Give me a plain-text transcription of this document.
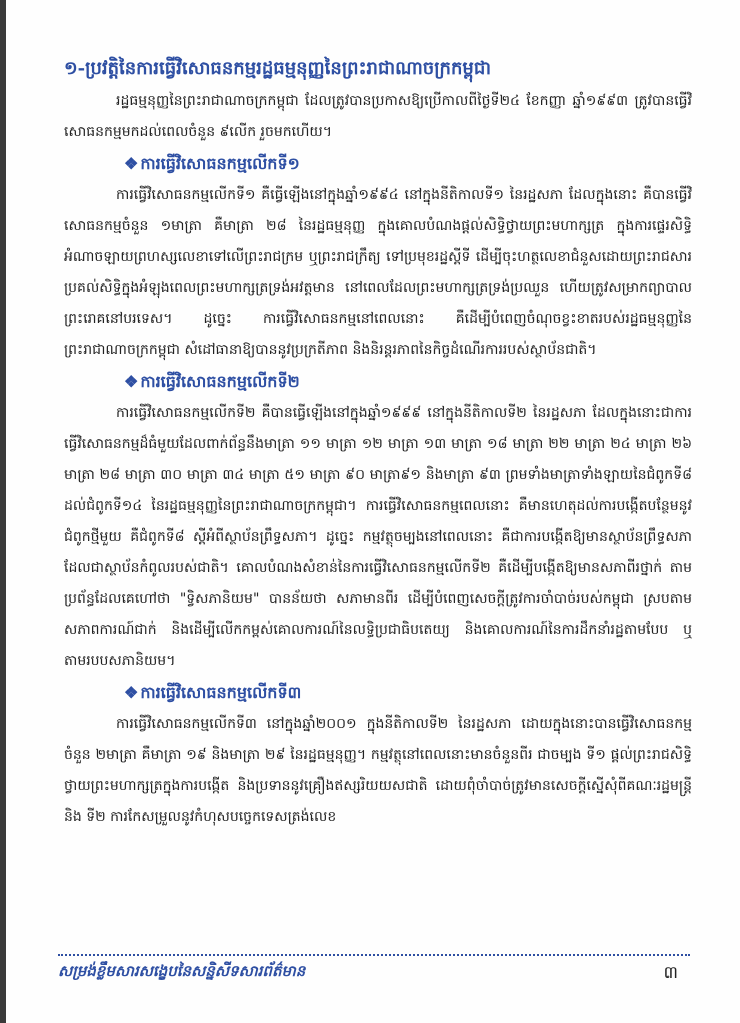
១-ប្រវត្តិនៃការធ្វើវិសោធនកម្មរដ្ឋធម្មនុញ្ញនៃព្រះរាជាណាចក្រកម្ពុជា

រដ្ឋធម្មនុញ្ញនៃព្រះរាជាណាចក្រកម្ពុជា ដែលត្រូវបានប្រកាសឱ្យប្រើកាលពីថ្ងៃទី២៤ ខែកញ្ញា ឆ្នាំ១៩៩៣ ត្រូវបានធ្វើវិសោធនកម្មមកដល់ពេលចំនួន ៩លើក រួចមកហើយ។

❖ ការធ្វើវិសោធនកម្មលើកទី១

ការធ្វើវិសោធនកម្មលើកទី១ គឺធ្វើឡើងនៅក្នុងឆ្នាំ១៩៩៤ នៅក្នុងនីតិកាលទី១ នៃរដ្ឋសភា ដែលក្នុងនោះ គឺបានធ្វើវិសោធនកម្មចំនួន ១មាត្រា គឺមាត្រា ២៨ នៃរដ្ឋធម្មនុញ្ញ ក្នុងគោលបំណងផ្តល់សិទ្ធិថ្វាយព្រះមហាក្សត្រ ក្នុងការផ្ទេរសិទ្ធិអំណាចឡាយព្រហស្សលេខាទៅលើព្រះរាជក្រម ឬព្រះរាជក្រឹត្យ ទៅប្រមុខរដ្ឋស្តីទី ដើម្បីចុះហត្ថលេខាជំនួសដោយព្រះរាជសារប្រគល់សិទ្ធិក្នុងអំឡុងពេលព្រះមហាក្សត្រទ្រង់អវត្តមាន នៅពេលដែលព្រះមហាក្សត្រទ្រង់ប្រឈួន ហើយត្រូវសម្រាកព្យាបាលព្រះរោគនៅបរទេស។ ដូច្នេះ ការធ្វើវិសោធនកម្មនៅពេលនោះ គឺដើម្បីបំពេញចំណុចខ្វះខាតរបស់រដ្ឋធម្មនុញ្ញនៃព្រះរាជាណាចក្រកម្ពុជា សំដៅធានាឱ្យបាននូវប្រក្រតីភាព និងនិរន្តរភាពនៃកិច្ចដំណើរការរបស់ស្ថាប័នជាតិ។

❖ ការធ្វើវិសោធនកម្មលើកទី២

ការធ្វើវិសោធនកម្មលើកទី២ គឺបានធ្វើឡើងនៅក្នុងឆ្នាំ១៩៩៩ នៅក្នុងនីតិកាលទី២ នៃរដ្ឋសភា ដែលក្នុងនោះជាការធ្វើវិសោធនកម្មដ៏ធំមួយដែលពាក់ព័ន្ធនឹងមាត្រា ១១ មាត្រា ១២ មាត្រា ១៣ មាត្រា ១៨ មាត្រា ២២ មាត្រា ២៤ មាត្រា ២៦ មាត្រា ២៨ មាត្រា ៣០ មាត្រា ៣៤ មាត្រា ៥១ មាត្រា ៩០ មាត្រា៩១ និងមាត្រា ៩៣ ព្រមទាំងមាត្រាទាំងឡាយនៃជំពូកទី៨ ដល់ជំពូកទី១៤ នៃរដ្ឋធម្មនុញ្ញនៃព្រះរាជាណាចក្រកម្ពុជា។ ការធ្វើវិសោធនកម្មពេលនោះ គឺមានហេតុដល់ការបង្កើតបន្ថែមនូវជំពូកថ្មីមួយ គឺជំពូកទី៨ ស្តីអំពីស្ថាប័នព្រឹទ្ធសភា។ ដូច្នេះ កម្មវត្ថុចម្បងនៅពេលនោះ គឺជាការបង្កើតឱ្យមានស្ថាប័នព្រឹទ្ធសភា ដែលជាស្ថាប័នកំពូលរបស់ជាតិ។ គោលបំណងសំខាន់នៃការធ្វើវិសោធនកម្មលើកទី២ គឺដើម្បីបង្កើតឱ្យមានសភាពីរថ្នាក់ តាមប្រព័ន្ធដែលគេហៅថា "ទ្វិសភានិយម" បានន័យថា សភាមានពីរ ដើម្បីបំពេញសេចក្តីត្រូវការចាំបាច់របស់កម្ពុជា ស្របតាមសភាពការណ៍ជាក់ និងដើម្បីលើកកម្ពស់គោលការណ៍នៃលទ្ធិប្រជាធិបតេយ្យ និងគោលការណ៍នៃការដឹកនាំរដ្ឋតាមបែប ឬតាមរបបសភានិយម។

❖ ការធ្វើវិសោធនកម្មលើកទី៣

ការធ្វើវិសោធនកម្មលើកទី៣ នៅក្នុងឆ្នាំ២០០១ ក្នុងនីតិកាលទី២ នៃរដ្ឋសភា ដោយក្នុងនោះបានធ្វើវិសោធនកម្មចំនួន ២មាត្រា គឺមាត្រា ១៩ និងមាត្រា ២៩ នៃរដ្ឋធម្មនុញ្ញ។ កម្មវត្ថុនៅពេលនោះមានចំនួនពីរ ជាចម្បង ទី១ ផ្តល់ព្រះរាជសិទ្ធិថ្វាយព្រះមហាក្សត្រក្នុងការបង្កើត និងប្រទាននូវគ្រឿងឥស្សរិយយសជាតិ ដោយពុំចាំបាច់ត្រូវមានសេចក្តីស្នើសុំពីគណៈរដ្ឋមន្ត្រី និង ទី២ ការកែសម្រួលនូវកំហុសបច្ចេកទេសត្រង់លេខ

សម្រង់ខ្លឹមសារសង្ខេបនៃសន្និសីទសារព័ត៌មាន	៣
